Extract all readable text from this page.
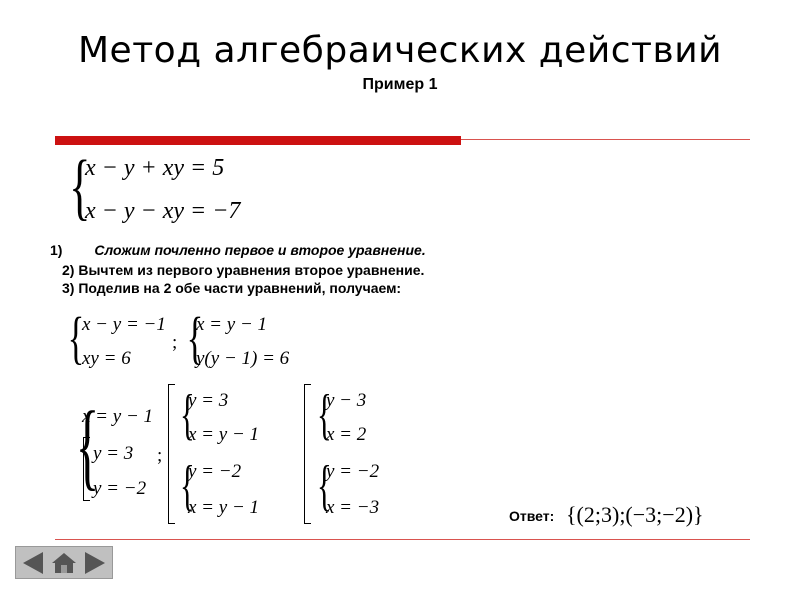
Метод алгебраических действий
Пример 1
{
x − y + xy = 5
x − y − xy = −7
1) Сложим почленно первое и второе уравнение.
2) Вычтем из первого уравнения второе уравнение.
3) Поделив на 2 обе части уравнений, получаем:
{
x − y = −1
xy = 6
; {
x = y − 1
y(y − 1) = 6
{
x = y − 1
y = 3
y = −2
;
{
y = 3
x = y − 1
{
y = −2
x = y − 1
{
y − 3
x = 2
{
y = −2
x = −3	Ответ: {(2;3);(−3;−2)}
